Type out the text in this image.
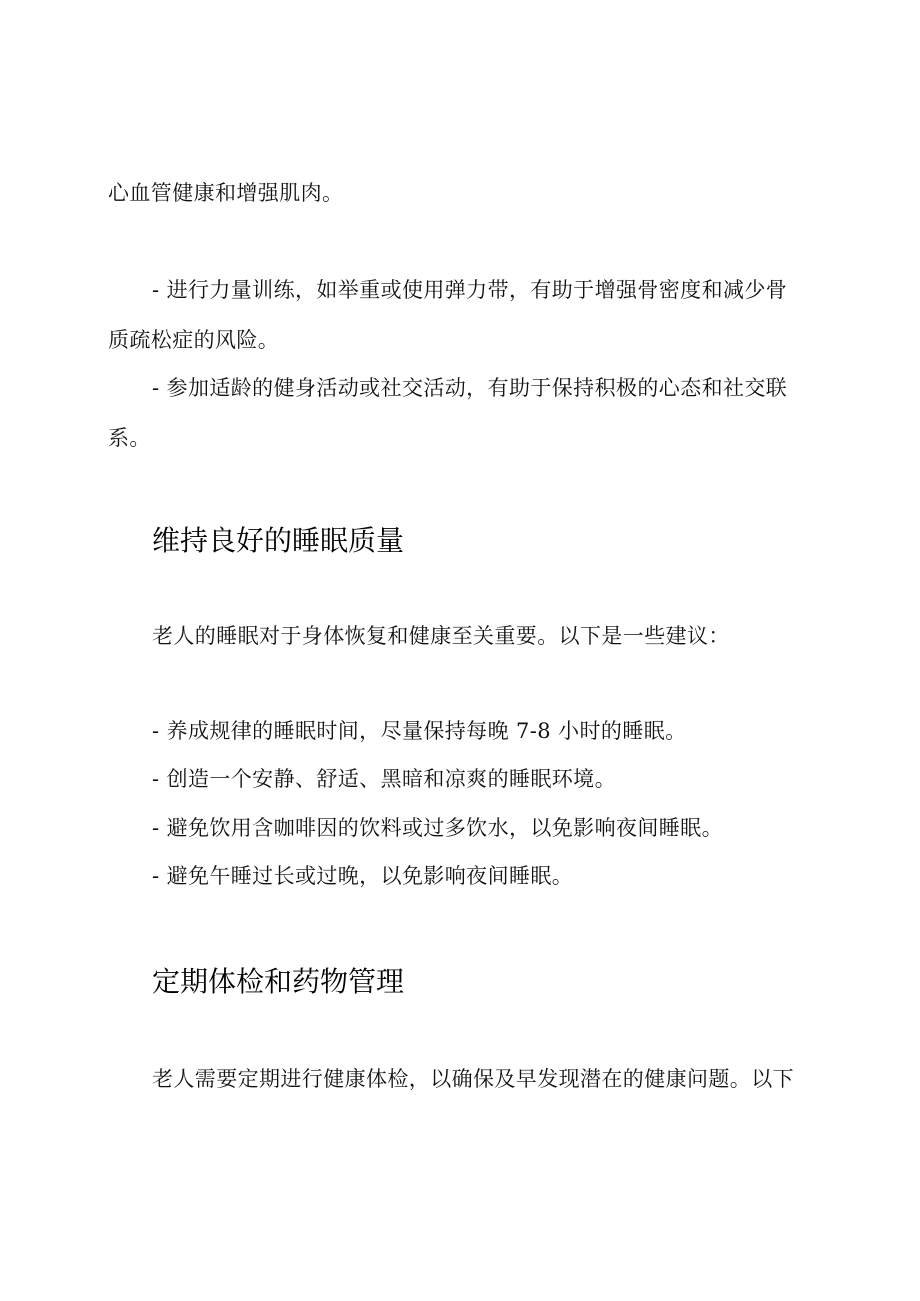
心血管健康和增强肌肉。
- 进行力量训练，如举重或使用弹力带，有助于增强骨密度和减少骨
质疏松症的风险。
- 参加适龄的健身活动或社交活动，有助于保持积极的心态和社交联
系。
维持良好的睡眠质量
老人的睡眠对于身体恢复和健康至关重要。以下是一些建议：
- 养成规律的睡眠时间，尽量保持每晚 7-8 小时的睡眠。
- 创造一个安静、舒适、黑暗和凉爽的睡眠环境。
- 避免饮用含咖啡因的饮料或过多饮水，以免影响夜间睡眠。
- 避免午睡过长或过晚，以免影响夜间睡眠。
定期体检和药物管理
老人需要定期进行健康体检，以确保及早发现潜在的健康问题。以下
